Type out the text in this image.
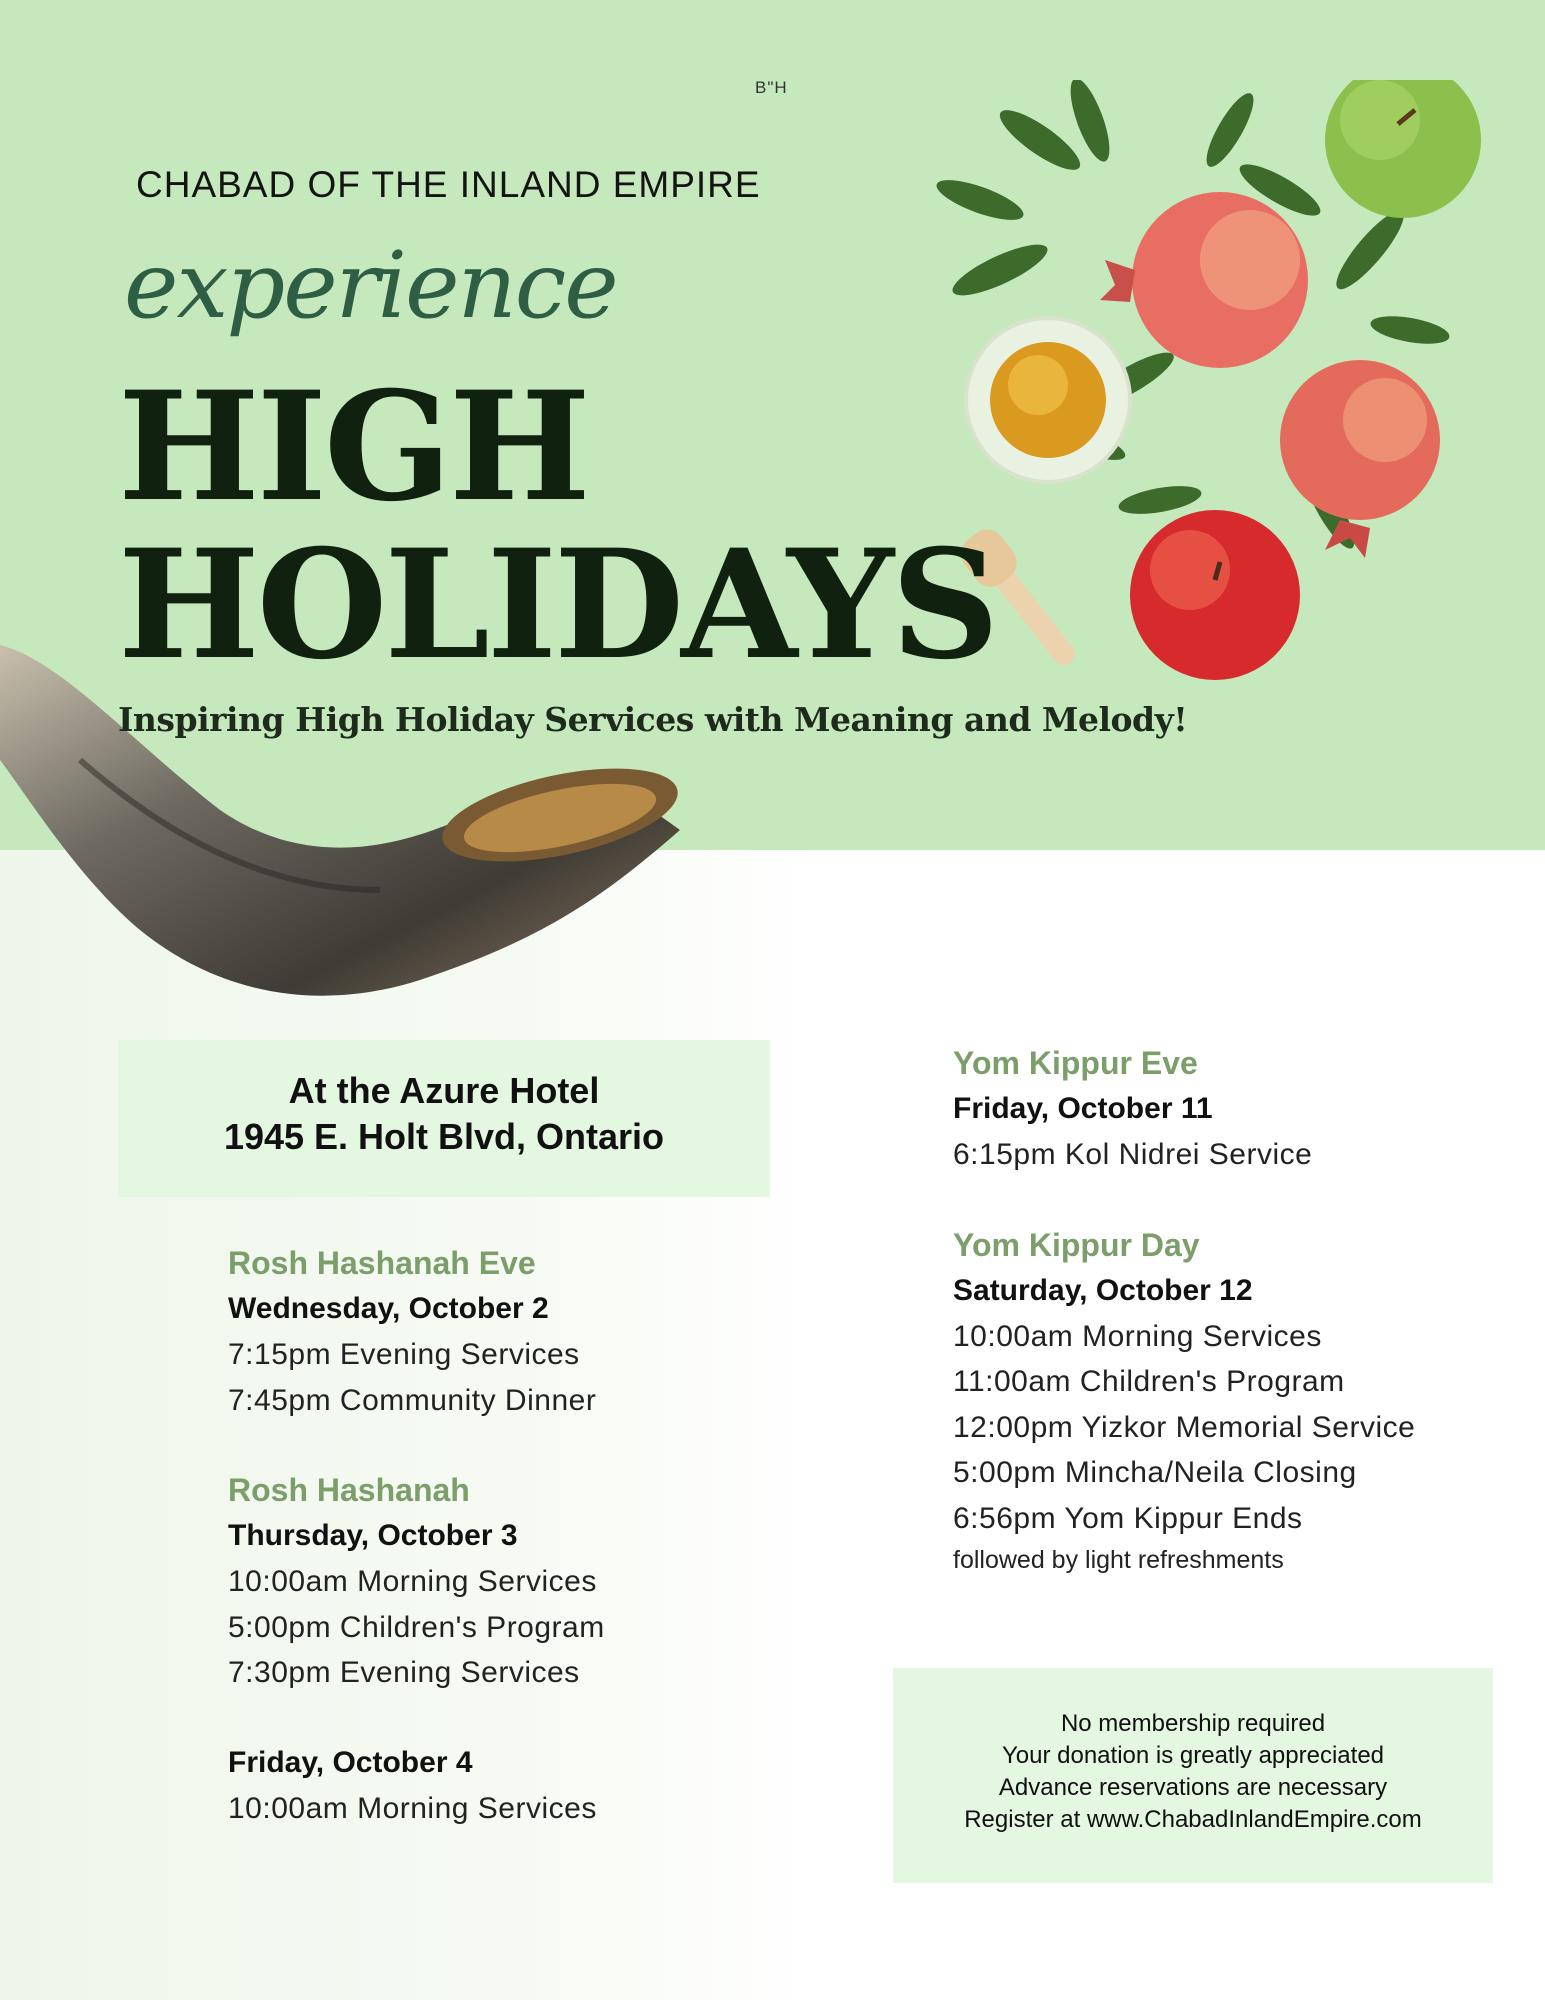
B"H
CHABAD OF THE INLAND EMPIRE
experience
HIGH
HOLIDAYS
Inspiring High Holiday Services with Meaning and Melody!
At the Azure Hotel
1945 E. Holt Blvd, Ontario
Rosh Hashanah Eve
Wednesday, October 2
7:15pm Evening Services
7:45pm Community Dinner
Rosh Hashanah
Thursday, October 3
10:00am Morning Services
5:00pm Children's Program
7:30pm Evening Services
Friday, October 4
10:00am Morning Services
Yom Kippur Eve
Friday, October 11
6:15pm Kol Nidrei Service
Yom Kippur Day
Saturday, October 12
10:00am Morning Services
11:00am Children's Program
12:00pm Yizkor Memorial Service
5:00pm Mincha/Neila Closing
6:56pm Yom Kippur Ends
followed by light refreshments
No membership required
Your donation is greatly appreciated
Advance reservations are necessary
Register at www.ChabadInlandEmpire.com
